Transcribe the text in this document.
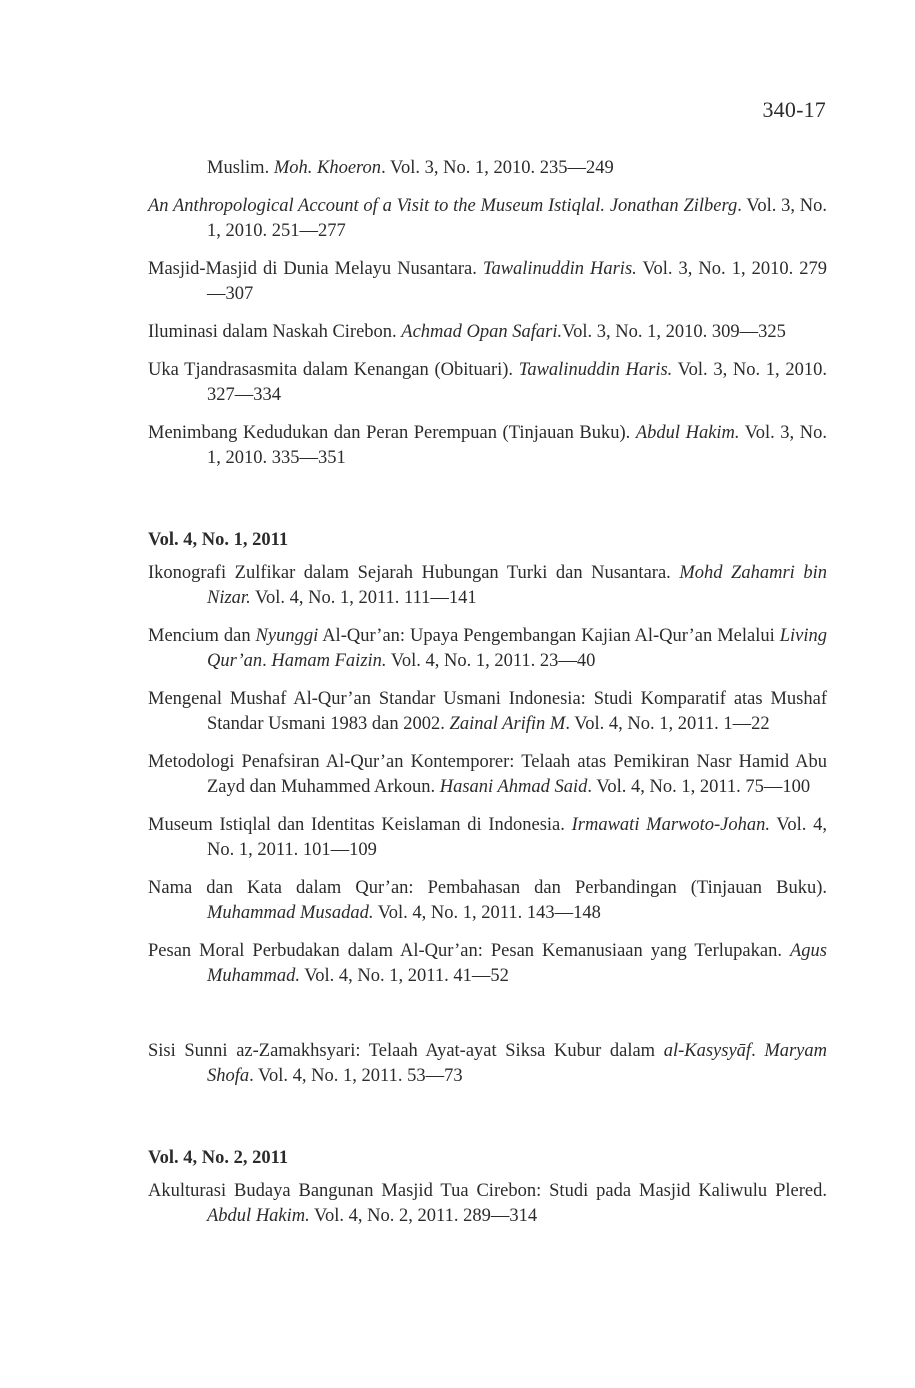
340-17
Muslim. Moh. Khoeron. Vol. 3, No. 1, 2010. 235—249
An Anthropological Account of a Visit to the Museum Istiqlal. Jonathan Zilberg. Vol. 3, No. 1, 2010. 251—277
Masjid-Masjid di Dunia Melayu Nusantara. Tawalinuddin Haris. Vol. 3, No. 1, 2010. 279—307
Iluminasi dalam Naskah Cirebon. Achmad Opan Safari.Vol. 3, No. 1, 2010. 309—325
Uka Tjandrasasmita dalam Kenangan (Obituari). Tawalinuddin Haris. Vol. 3, No. 1, 2010. 327—334
Menimbang Kedudukan dan Peran Perempuan (Tinjauan Buku). Abdul Hakim. Vol. 3, No. 1, 2010. 335—351
Vol. 4, No. 1, 2011
Ikonografi Zulfikar dalam Sejarah Hubungan Turki dan Nusantara. Mohd Zahamri bin Nizar. Vol. 4, No. 1, 2011. 111—141
Mencium dan Nyunggi Al-Qur’an: Upaya Pengembangan Kajian Al-Qur’an Melalui Living Qur’an. Hamam Faizin. Vol. 4, No. 1, 2011. 23—40
Mengenal Mushaf Al-Qur’an Standar Usmani Indonesia: Studi Komparatif atas Mushaf Standar Usmani 1983 dan 2002. Zainal Arifin M. Vol. 4, No. 1, 2011. 1—22
Metodologi Penafsiran Al-Qur’an Kontemporer: Telaah atas Pemikiran Nasr Hamid Abu Zayd dan Muhammed Arkoun. Hasani Ahmad Said. Vol. 4, No. 1, 2011. 75—100
Museum Istiqlal dan Identitas Keislaman di Indonesia. Irmawati Marwoto-Johan. Vol. 4, No. 1, 2011. 101—109
Nama dan Kata dalam Qur’an: Pembahasan dan Perbandingan (Tinjauan Buku). Muhammad Musadad. Vol. 4, No. 1, 2011. 143—148
Pesan Moral Perbudakan dalam Al-Qur’an: Pesan Kemanusiaan yang Terlupakan. Agus Muhammad. Vol. 4, No. 1, 2011. 41—52
Sisi Sunni az-Zamakhsyari: Telaah Ayat-ayat Siksa Kubur dalam al-Kasysyāf. Maryam Shofa. Vol. 4, No. 1, 2011. 53—73
Vol. 4, No. 2, 2011
Akulturasi Budaya Bangunan Masjid Tua Cirebon: Studi pada Masjid Kaliwulu Plered. Abdul Hakim. Vol. 4, No. 2, 2011. 289—314
